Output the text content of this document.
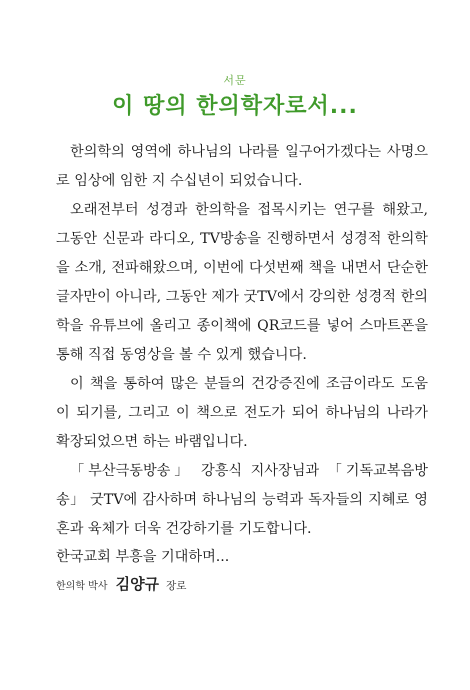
서문
이 땅의 한의학자로서...

한의학의 영역에 하나님의 나라를 일구어가겠다는 사명으로 임상에 임한 지 수십년이 되었습니다.

오래전부터 성경과 한의학을 접목시키는 연구를 해왔고, 그동안 신문과 라디오, TV방송을 진행하면서 성경적 한의학을 소개, 전파해왔으며, 이번에 다섯번째 책을 내면서 단순한 글자만이 아니라, 그동안 제가 굿TV에서 강의한 성경적 한의학을 유튜브에 올리고 종이책에 QR코드를 넣어 스마트폰을 통해 직접 동영상을 볼 수 있게 했습니다.

이 책을 통하여 많은 분들의 건강증진에 조금이라도 도움이 되기를, 그리고 이 책으로 전도가 되어 하나님의 나라가 확장되었으면 하는 바램입니다.

「부산극동방송」 강흥식 지사장님과 「기독교복음방송」 굿TV에 감사하며 하나님의 능력과 독자들의 지혜로 영혼과 육체가 더욱 건강하기를 기도합니다.

한국교회 부흥을 기대하며...
한의학 박사 김양규 장로
